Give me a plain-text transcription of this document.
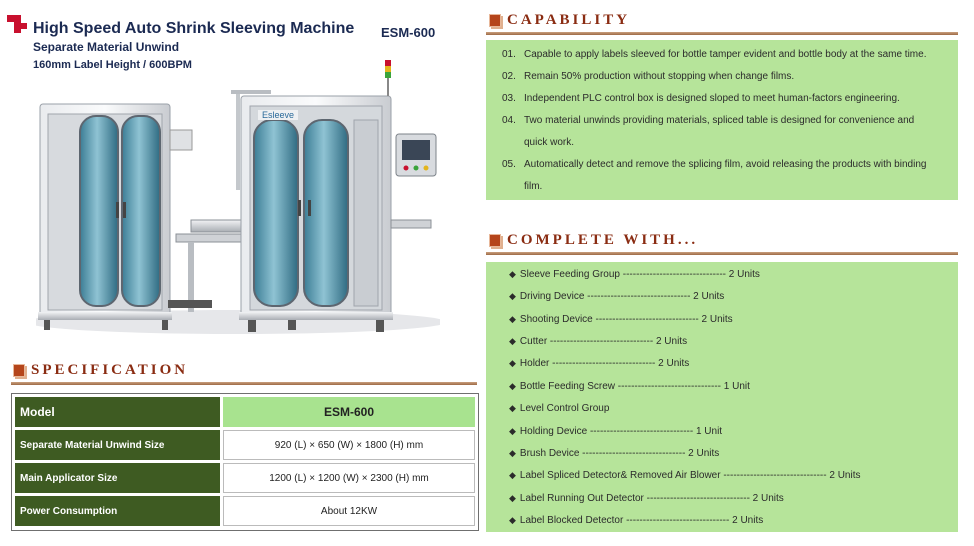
High Speed Auto Shrink Sleeving Machine ESM-600
Separate Material Unwind
160mm Label Height / 600BPM
Esleeve
SPECIFICATION
Model	ESM-600
Separate Material Unwind Size	920 (L) × 650 (W) × 1800 (H) mm
Main Applicator Size	1200 (L) × 1200 (W) × 2300 (H) mm
Power Consumption	About 12KW
CAPABILITY
01. Capable to apply labels sleeved for bottle tamper evident and bottle body at the same time.
02. Remain 50% production without stopping when change films.
03. Independent PLC control box is designed sloped to meet human-factors engineering.
04. Two material unwinds providing materials, spliced table is designed for convenience and
quick work.
05. Automatically detect and remove the splicing film, avoid releasing the products with binding
film.
COMPLETE WITH...
◆ Sleeve Feeding Group ------------------------------- 2 Units
◆ Driving Device ------------------------------- 2 Units
◆ Shooting Device ------------------------------- 2 Units
◆ Cutter ------------------------------- 2 Units
◆ Holder ------------------------------- 2 Units
◆ Bottle Feeding Screw ------------------------------- 1 Unit
◆ Level Control Group
◆ Holding Device ------------------------------- 1 Unit
◆ Brush Device ------------------------------- 2 Units
◆ Label Spliced Detector& Removed Air Blower ------------------------------- 2 Units
◆ Label Running Out Detector ------------------------------- 2 Units
◆ Label Blocked Detector ------------------------------- 2 Units
